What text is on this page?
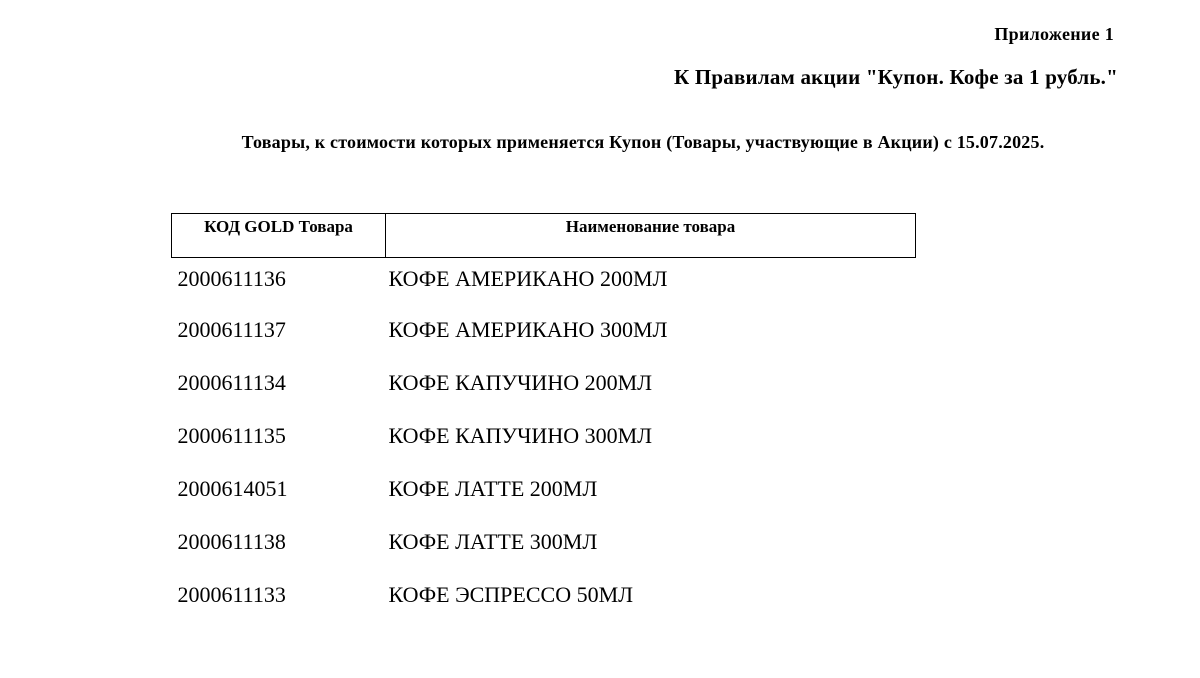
Приложение 1
К Правилам акции "Купон. Кофе за 1 рубль."
Товары, к стоимости которых применяется Купон (Товары, участвующие в Акции) с 15.07.2025.
КОД GOLD Товара	Наименование товара
2000611136	КОФЕ АМЕРИКАНО 200МЛ
2000611137	КОФЕ АМЕРИКАНО 300МЛ
2000611134	КОФЕ КАПУЧИНО 200МЛ
2000611135	КОФЕ КАПУЧИНО 300МЛ
2000614051	КОФЕ ЛАТТЕ 200МЛ
2000611138	КОФЕ ЛАТТЕ 300МЛ
2000611133	КОФЕ ЭСПРЕССО 50МЛ
